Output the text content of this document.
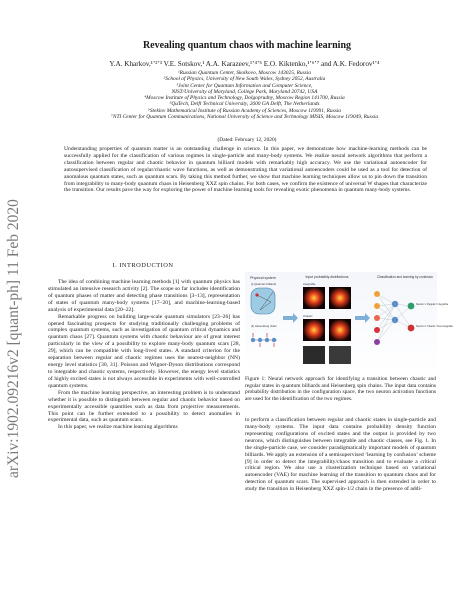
arXiv:1902.09216v2 [quant-ph] 11 Feb 2020
Revealing quantum chaos with machine learning
Y.A. Kharkov,¹ʼ²ʼ³ V.E. Sotskov,¹ A.A. Karazeev,¹ʼ⁴ʼ⁵ E.O. Kiktenko,¹ʼ⁶ʼ⁷ and A.K. Fedorov¹ʼ⁴
¹Russian Quantum Center, Skolkovo, Moscow 143025, Russia
²School of Physics, University of New South Wales, Sydney 2052, Australia
³Joint Center for Quantum Information and Computer Science,
NIST/University of Maryland, College Park, Maryland 20742, USA
⁴Moscow Institute of Physics and Technology, Dolgoprudny, Moscow Region 141700, Russia
⁵QuTech, Delft Technical University, 2600 GA Delft, The Netherlands
⁶Steklov Mathematical Institute of Russian Academy of Sciences, Moscow 119991, Russia
⁷NTI Center for Quantum Communications, National University of Science and Technology MISIS, Moscow 119049, Russia
(Dated: February 12, 2020)
Understanding properties of quantum matter is an outstanding challenge in science. In this paper, we demonstrate how machine-learning methods can be successfully applied for the classification of various regimes in single-particle and many-body systems. We realize neural network algorithms that perform a classification between regular and chaotic behavior in quantum billiard models with remarkably high accuracy. We use the variational autoencoder for autosupervised classification of regular/chaotic wave functions, as well as demonstrating that variational autoencoders could be used as a tool for detection of anomalous quantum states, such as quantum scars. By taking this method further, we show that machine learning techniques allow us to pin down the transition from integrability to many-body quantum chaos in Heisenberg XXZ spin chains. For both cases, we confirm the existence of universal W shapes that characterize the transition. Our results pave the way for exploring the power of machine learning tools for revealing exotic phenomena in quantum many-body systems.
I. INTRODUCTION

The idea of combining machine learning methods [1] with quantum physics has stimulated an intensive research activity [2]. The scope so far includes identification of quantum phases of matter and detecting phase transitions [3–13], representation of states of quantum many-body systems [17–20], and machine-learning-based analysis of experimental data [20–22].

Remarkable progress on building large-scale quantum simulators [23–26] has opened fascinating prospects for studying traditionally challenging problems of complex quantum systems, such as investigation of quantum critical dynamics and quantum chaos [27]. Quantum systems with chaotic behaviour are of great interest particularly in the view of a possibility to explore many-body quantum scars [28, 29], which can be compatible with long-lived states. A standard criterion for the separation between regular and chaotic regimes uses the nearest-neighbor (NN) energy level statistics [30, 31]. Poisson and Wigner-Dyson distributions correspond to integrable and chaotic systems, respectively. However, the energy level statistics of highly excited states is not always accessible in experiments with well-controlled quantum systems.

From the machine learning perspective, an interesting problem is to understand whether it is possible to distinguish between regular and chaotic behavior based on experimentally accessible quantities such as data from projective measurements. This point can be further extended to a possibility to detect anomalies in experimental data, such as quantum scars.

In this paper, we realize machine learning algorithms

Physical system
(i) Quantum billiards
(ii) Heisenberg chain
Input probability distributions
Integrable
Chaotic
Classification and learning by confusion
Neuron 1: Regular / Integrable
Neuron 2: Chaotic / Non-integrable
Figure 1: Neural network approach for identifying a transition between chaotic and regular states in quantum billiards and Heisenberg spin chains. The input data contains probability distribution in the configuration space, the two neuron activation functions are used for the identification of the two regimes.

to perform a classification between regular and chaotic states in single-particle and many-body systems. The input data contains probability density function representing configurations of excited states and the output is provided by two neurons, which distinguishes between integrable and chaotic classes, see Fig. 1. In the single-particle case, we consider paradigmatically important models of quantum billiards. We apply an extension of a semisupervised ‘learning by confusion’ scheme [9] in order to detect the integrability/chaos transition and to evaluate a critical critical region. We also use a clusterization technique based on variational autoencoder (VAE) for machine learning of the transition to quantum chaos and for detection of quantum scars. The supervised approach is then extended in order to study the transition in Heisenberg XXZ spin-1/2 chain in the presence of addi-
